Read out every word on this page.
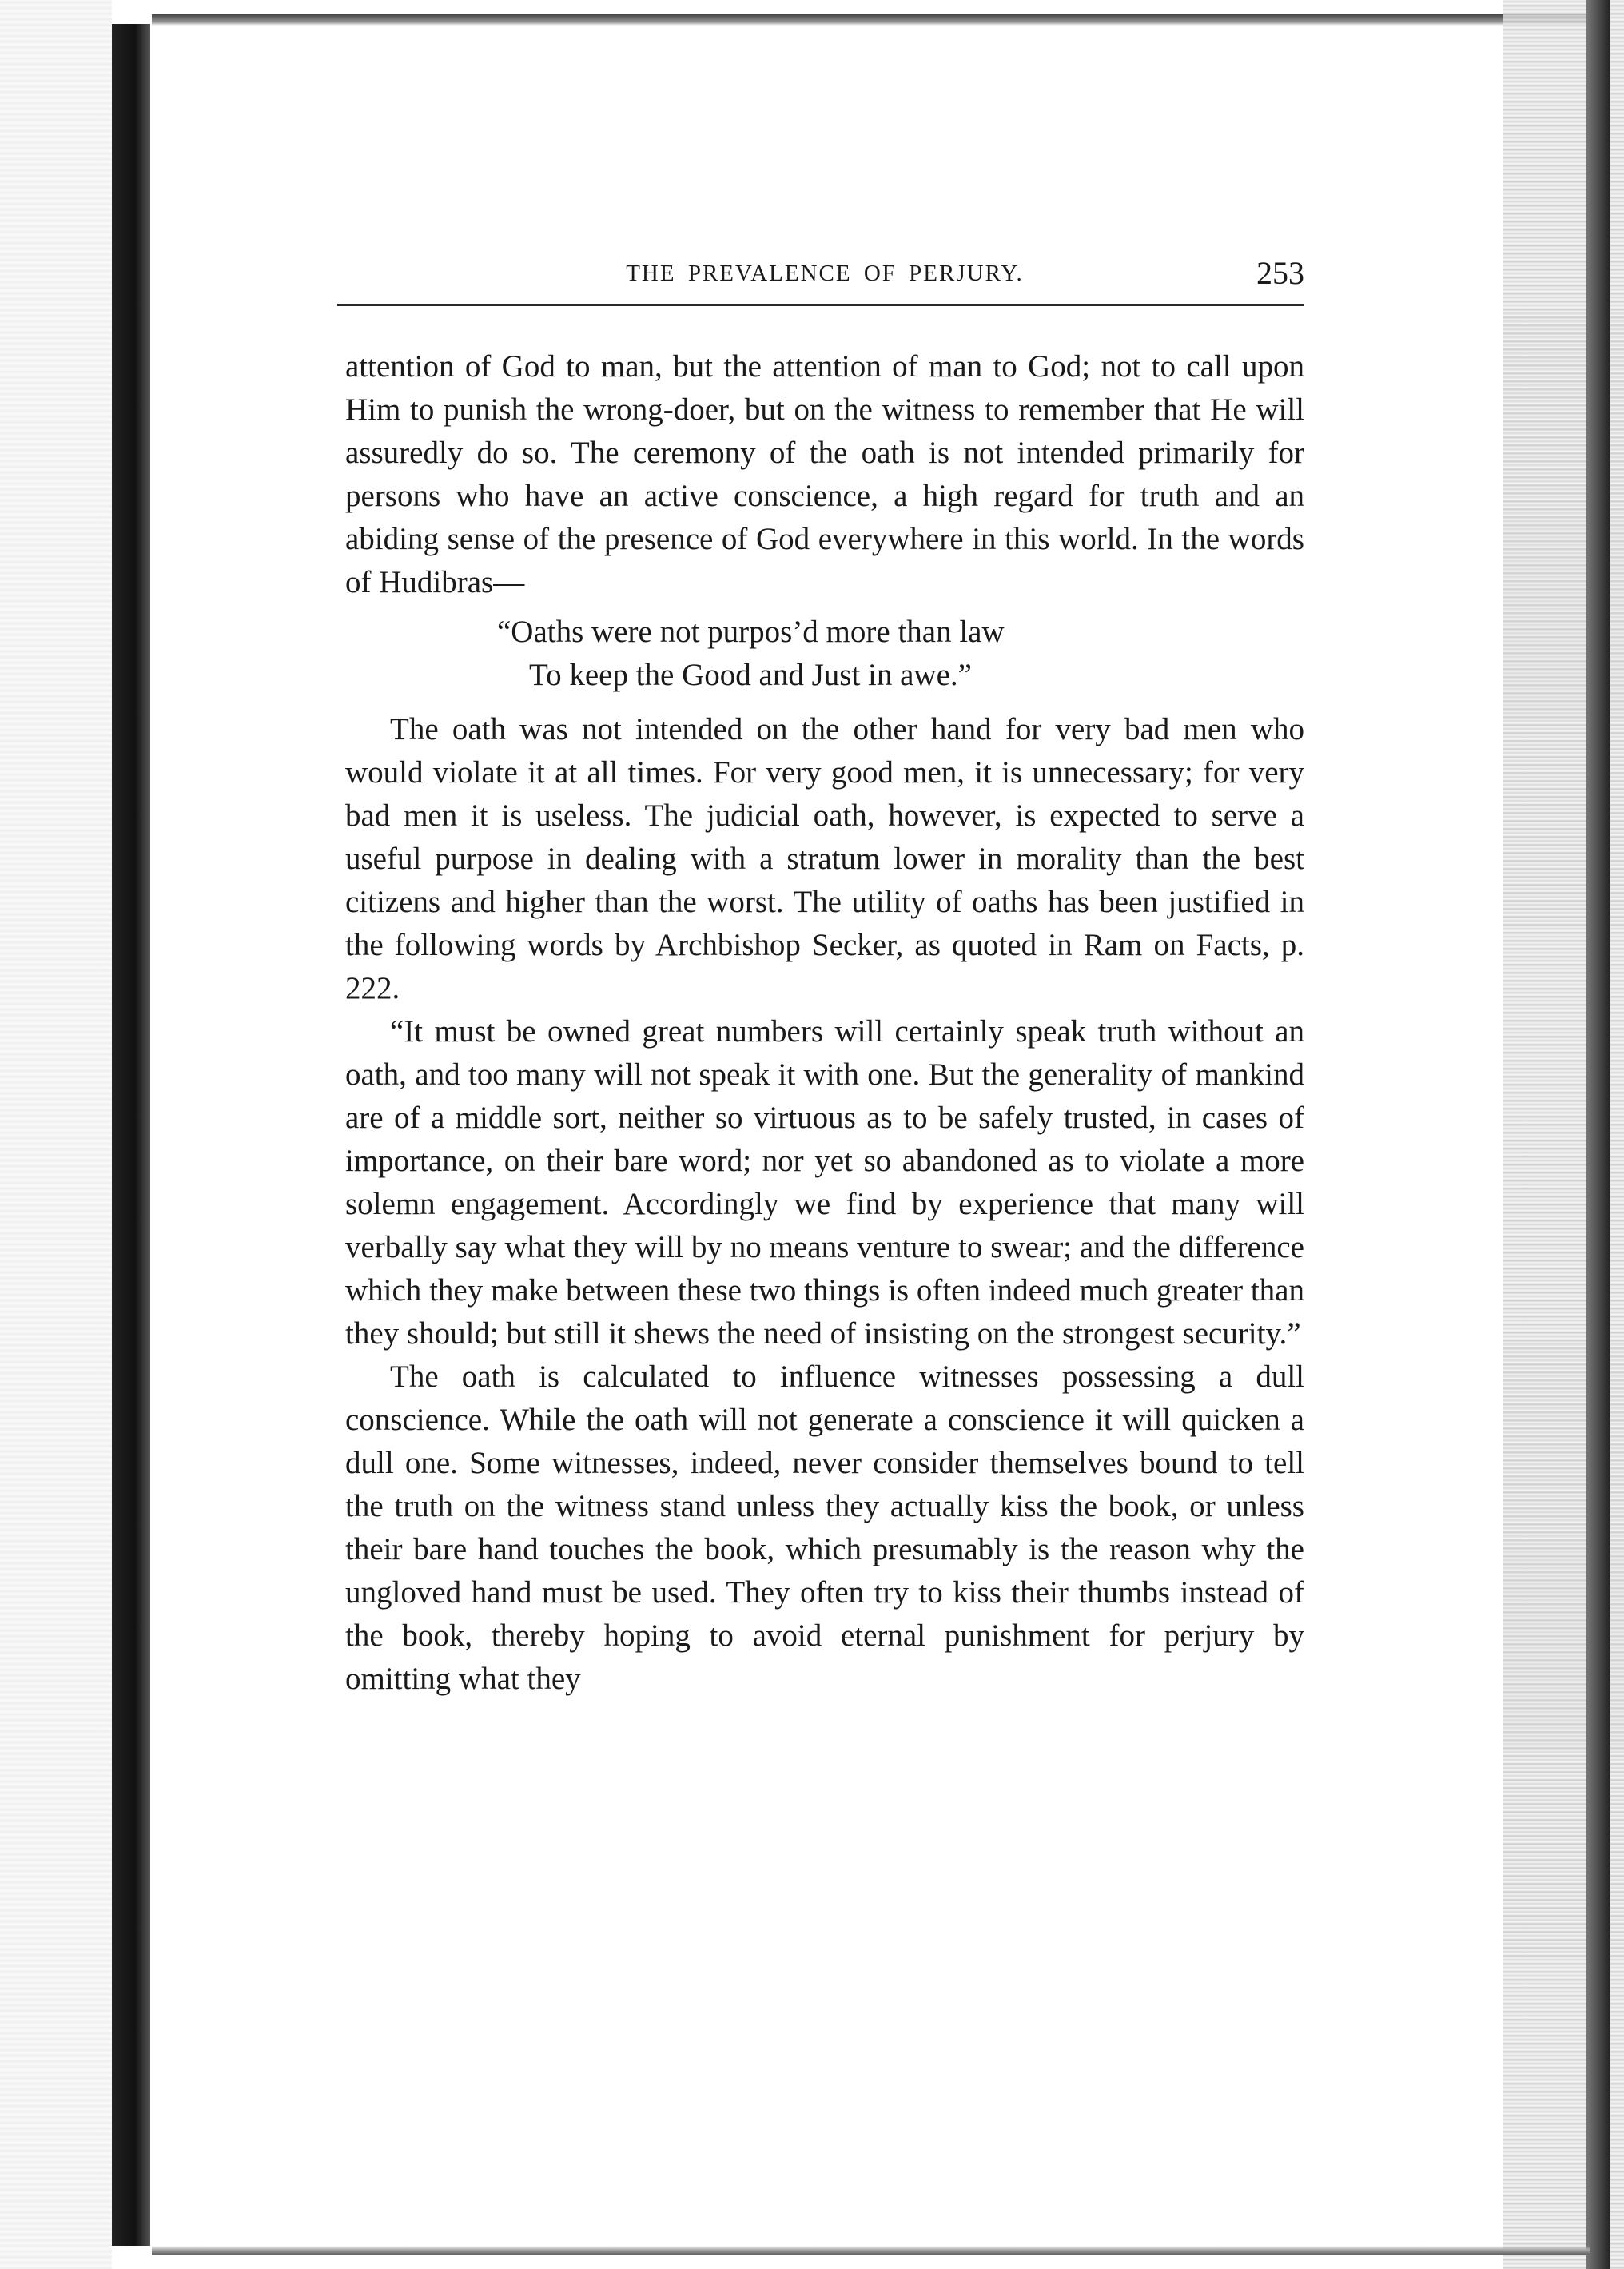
THE PREVALENCE OF PERJURY.	253

attention of God to man, but the attention of man to God; not to call upon Him to punish the wrong-doer, but on the witness to remember that He will assuredly do so. The ceremony of the oath is not intended primarily for persons who have an active conscience, a high regard for truth and an abiding sense of the presence of God everywhere in this world. In the words of Hudibras—

“Oaths were not purpos’d more than law
To keep the Good and Just in awe.”

The oath was not intended on the other hand for very bad men who would violate it at all times. For very good men, it is unnecessary; for very bad men it is useless. The judicial oath, however, is expected to serve a useful purpose in dealing with a stratum lower in morality than the best citizens and higher than the worst. The utility of oaths has been justified in the following words by Archbishop Secker, as quoted in Ram on Facts, p. 222.

“It must be owned great numbers will certainly speak truth without an oath, and too many will not speak it with one. But the generality of mankind are of a middle sort, neither so virtuous as to be safely trusted, in cases of importance, on their bare word; nor yet so abandoned as to violate a more solemn engagement. Accordingly we find by experience that many will verbally say what they will by no means venture to swear; and the difference which they make between these two things is often indeed much greater than they should; but still it shews the need of insisting on the strongest security.”

The oath is calculated to influence witnesses possessing a dull conscience. While the oath will not generate a conscience it will quicken a dull one. Some witnesses, indeed, never consider themselves bound to tell the truth on the witness stand unless they actually kiss the book, or unless their bare hand touches the book, which presumably is the reason why the ungloved hand must be used. They often try to kiss their thumbs instead of the book, thereby hoping to avoid eternal punishment for perjury by omitting what they
